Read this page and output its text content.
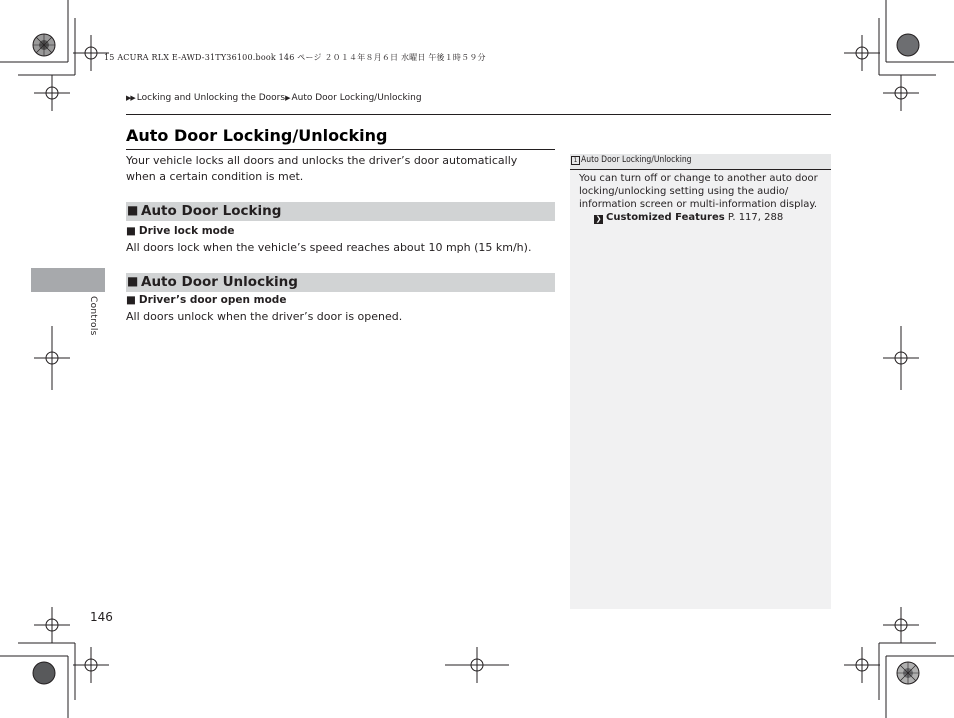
15 ACURA RLX E-AWD-31TY36100.book 146 ページ ２０１４年８月６日 水曜日 午後１時５９分
▶▶ Locking and Unlocking the Doors▶ Auto Door Locking/Unlocking
Auto Door Locking/Unlocking

Your vehicle locks all doors and unlocks the driver’s door automatically when a certain condition is met.

■ Auto Door Locking
■ Drive lock mode
All doors lock when the vehicle’s speed reaches about 10 mph (15 km/h).
■ Auto Door Unlocking
■ Driver’s door open mode
All doors unlock when the driver’s door is opened.
Controls
1 Auto Door Locking/Unlocking

You can turn off or change to another auto door locking/unlocking setting using the audio/ information screen or multi-information display.

❯ Customized Features P. 117, 288
146
